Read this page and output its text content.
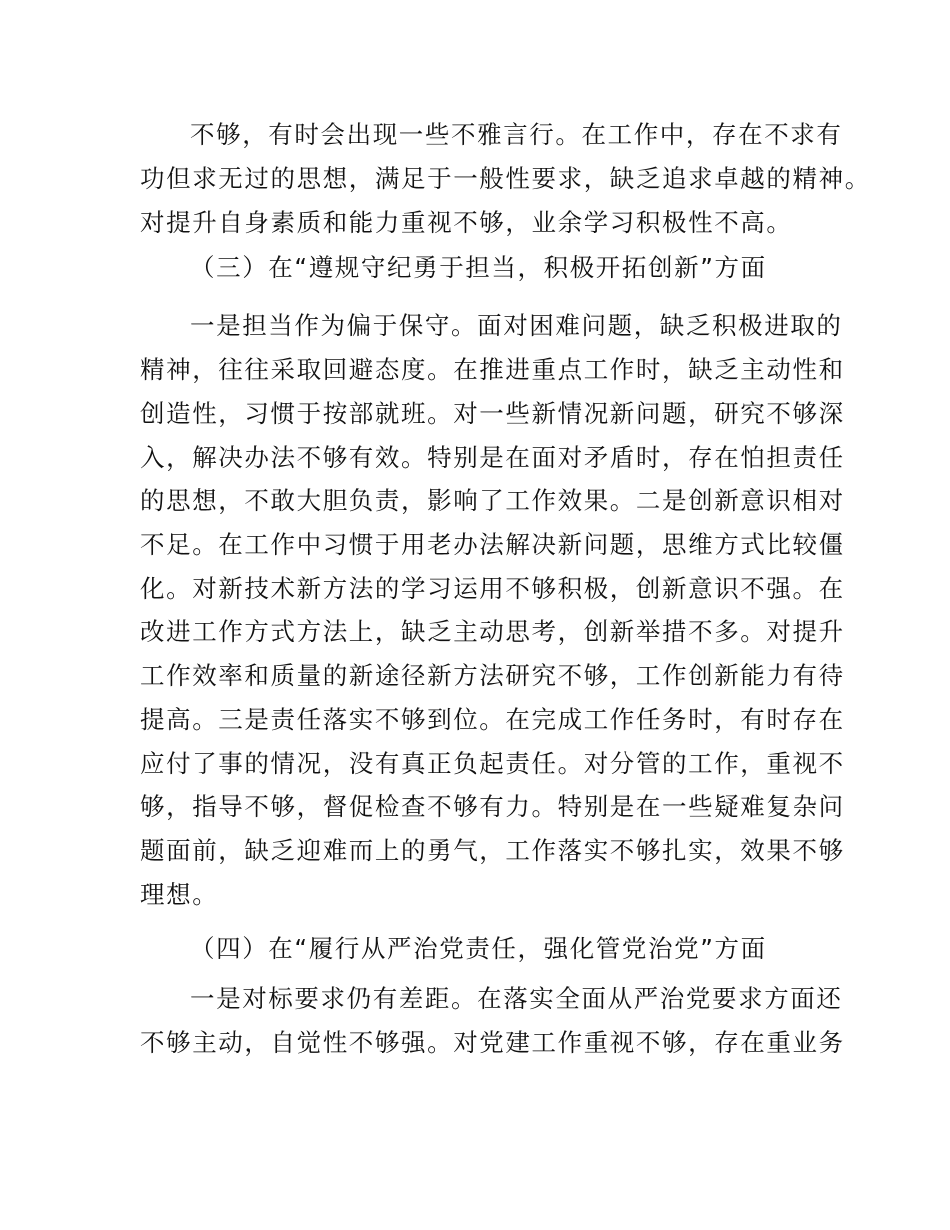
不够，有时会出现一些不雅言行。在工作中，存在不求有
功但求无过的思想，满足于一般性要求，缺乏追求卓越的精神。
对提升自身素质和能力重视不够，业余学习积极性不高。
（三）在“遵规守纪勇于担当，积极开拓创新”方面
一是担当作为偏于保守。面对困难问题，缺乏积极进取的
精神，往往采取回避态度。在推进重点工作时，缺乏主动性和
创造性，习惯于按部就班。对一些新情况新问题，研究不够深
入，解决办法不够有效。特别是在面对矛盾时，存在怕担责任
的思想，不敢大胆负责，影响了工作效果。二是创新意识相对
不足。在工作中习惯于用老办法解决新问题，思维方式比较僵
化。对新技术新方法的学习运用不够积极，创新意识不强。在
改进工作方式方法上，缺乏主动思考，创新举措不多。对提升
工作效率和质量的新途径新方法研究不够，工作创新能力有待
提高。三是责任落实不够到位。在完成工作任务时，有时存在
应付了事的情况，没有真正负起责任。对分管的工作，重视不
够，指导不够，督促检查不够有力。特别是在一些疑难复杂问
题面前，缺乏迎难而上的勇气，工作落实不够扎实，效果不够
理想。
（四）在“履行从严治党责任，强化管党治党”方面
一是对标要求仍有差距。在落实全面从严治党要求方面还
不够主动，自觉性不够强。对党建工作重视不够，存在重业务
